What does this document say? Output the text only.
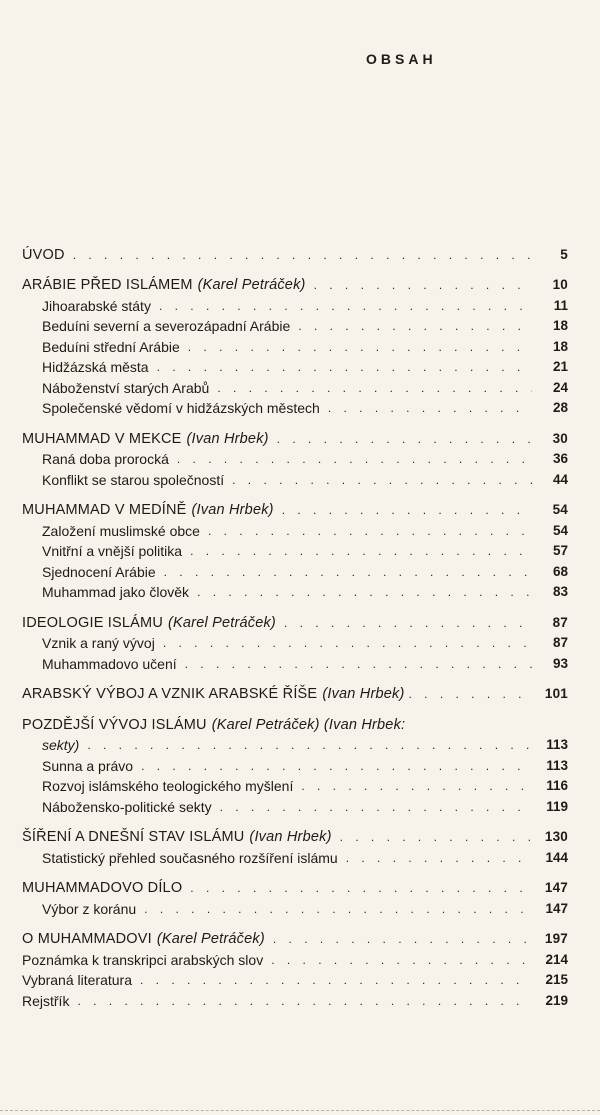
OBSAH
ÚVOD . . .	5
ARÁBIE PŘED ISLÁMEM (Karel Petráček) . . .	10
Jihoarabské státy . . .	11
Beduíni severní a severozápadní Arábie . . .	18
Beduíni střední Arábie . . .	18
Hidžázská města . . .	21
Náboženství starých Arabů . . .	24
Společenské vědomí v hidžázských městech . . .	28
MUHAMMAD V MEKCE (Ivan Hrbek) . . .	30
Raná doba prorocká . . .	36
Konflikt se starou společností . . .	44
MUHAMMAD V MEDÍNĚ (Ivan Hrbek) . . .	54
Založení muslimské obce . . .	54
Vnitřní a vnější politika . . .	57
Sjednocení Arábie . . .	68
Muhammad jako člověk . . .	83
IDEOLOGIE ISLÁMU (Karel Petráček) . . .	87
Vznik a raný vývoj . . .	87
Muhammadovo učení . . .	93
ARABSKÝ VÝBOJ A VZNIK ARABSKÉ ŘÍŠE (Ivan Hrbek) . . .	101
POZDĚJŠÍ VÝVOJ ISLÁMU (Karel Petráček) (Ivan Hrbek:
sekty) . . .	113
Sunna a právo . . .	113
Rozvoj islámského teologického myšlení . . .	116
Nábožensko-politické sekty . . .	119
ŠÍŘENÍ A DNEŠNÍ STAV ISLÁMU (Ivan Hrbek) . . .	130
Statistický přehled současného rozšíření islámu . . .	144
MUHAMMADOVO DÍLO . . .	147
Výbor z koránu . . .	147
O MUHAMMADOVI (Karel Petráček) . . .	197
Poznámka k transkripci arabských slov . . .	214
Vybraná literatura . . .	215
Rejstřík . . .	219
